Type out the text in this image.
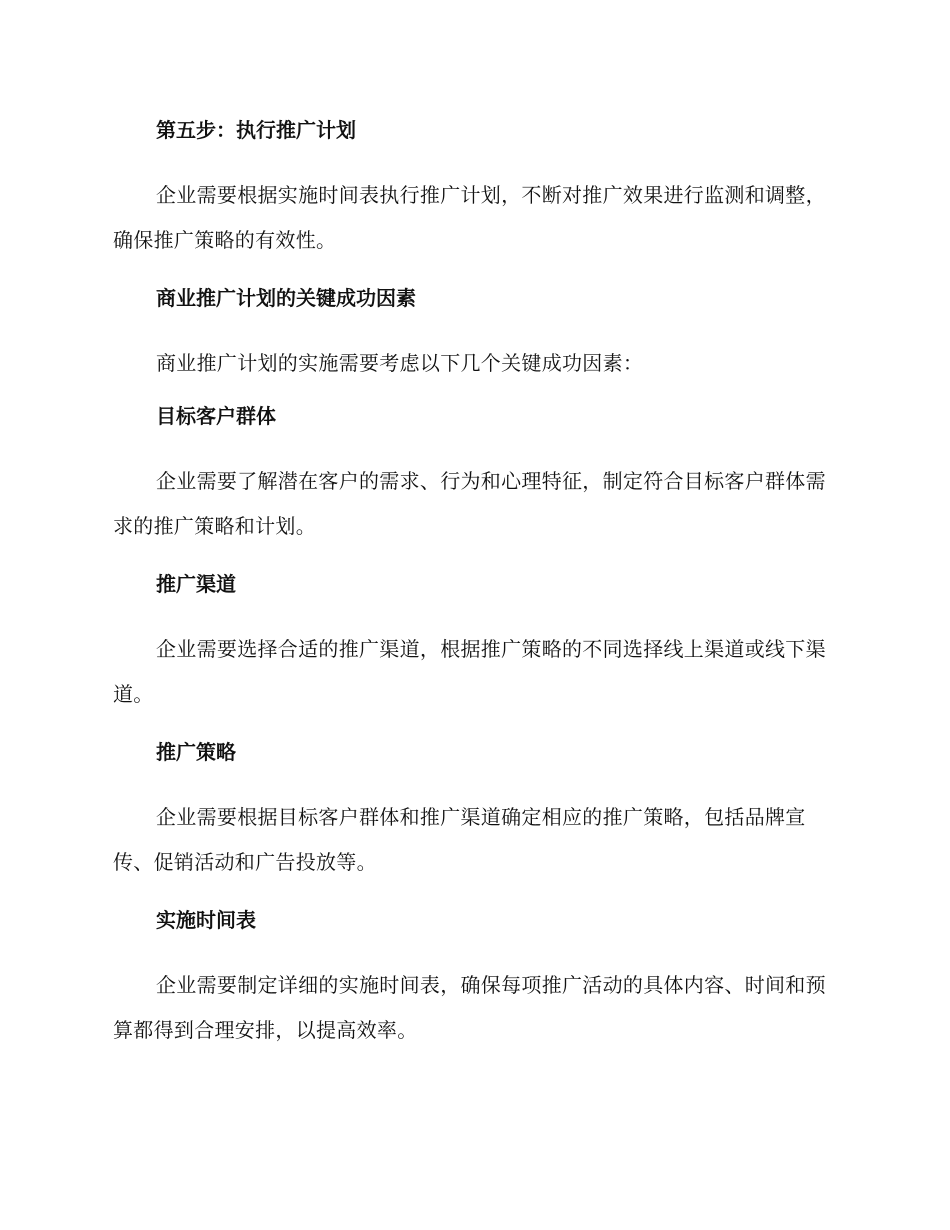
第五步：执行推广计划

企业需要根据实施时间表执行推广计划，不断对推广效果进行监测和调整，确保推广策略的有效性。

商业推广计划的关键成功因素

商业推广计划的实施需要考虑以下几个关键成功因素：

目标客户群体

企业需要了解潜在客户的需求、行为和心理特征，制定符合目标客户群体需求的推广策略和计划。

推广渠道

企业需要选择合适的推广渠道，根据推广策略的不同选择线上渠道或线下渠道。

推广策略

企业需要根据目标客户群体和推广渠道确定相应的推广策略，包括品牌宣传、促销活动和广告投放等。

实施时间表

企业需要制定详细的实施时间表，确保每项推广活动的具体内容、时间和预算都得到合理安排，以提高效率。
